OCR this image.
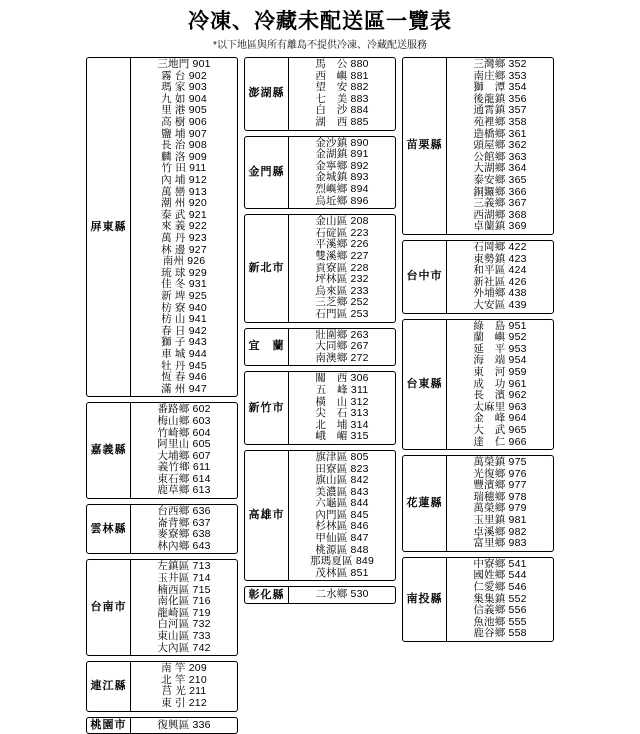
冷凍、冷藏未配送區一覽表
*以下地區與所有離島不提供冷凍、冷藏配送服務
屏東縣
三地門 901
霧 台 902
瑪 家 903
九 如 904
里 港 905
高 樹 906
鹽 埔 907
長 治 908
麟 洛 909
竹 田 911
內 埔 912
萬 巒 913
潮 州 920
泰 武 921
來 義 922
萬 丹 923
林 邊 927
南州 926
琉 球 929
佳 冬 931
新 埤 925
枋 寮 940
枋 山 941
春 日 942
獅 子 943
車 城 944
牡 丹 945
恆 春 946
滿 州 947
嘉義縣
番路鄉 602
梅山鄉 603
竹崎鄉 604
阿里山 605
大埔鄉 607
義竹鄉 611
東石鄉 614
鹿草鄉 613
雲林縣
台西鄉 636
崙背鄉 637
麥寮鄉 638
林內鄉 643
台南市
左鎮區 713
玉井區 714
楠西區 715
南化區 716
龍崎區 719
白河區 732
東山區 733
大內區 742
連江縣
南 竿 209
北 竿 210
莒 光 211
東 引 212
桃園市	復興區 336
澎湖縣
馬　公 880
西　嶼 881
望　安 882
七　美 883
白　沙 884
湖　西 885
金門縣
金沙鎮 890
金湖鎮 891
金寧鄉 892
金城鎮 893
烈嶼鄉 894
烏坵鄉 896
新北市
金山區 208
石碇區 223
平溪鄉 226
雙溪鄉 227
貢寮區 228
坪林區 232
烏來區 233
三芝鄉 252
石門區 253
宜　蘭
壯圍鄉 263
大同鄉 267
南澳鄉 272
新竹市
關　西 306
五　峰 311
橫　山 312
尖　石 313
北　埔 314
峨　嵋 315
高雄市
旗津區 805
田寮區 823
旗山區 842
美濃區 843
六龜區 844
內門區 845
杉林區 846
甲仙區 847
桃源區 848
那瑪夏區 849
茂林區 851
彰化縣	二水鄉 530
苗栗縣
三灣鄉 352
南庄鄉 353
獅　潭 354
後龍鎮 356
通霄鎮 357
苑裡鄉 358
造橋鄉 361
頭屋鄉 362
公館鄉 363
大湖鄉 364
泰安鄉 365
銅鑼鄉 366
三義鄉 367
西湖鄉 368
卓蘭鎮 369
台中市
石岡鄉 422
東勢鎮 423
和平區 424
新社區 426
外埔鄉 438
大安區 439
台東縣
綠　島 951
蘭　嶼 952
延　平 953
海　端 954
東　河 959
成　功 961
長　濱 962
太麻里 963
金　峰 964
大　武 965
達　仁 966
花蓮縣
萬榮鎮 975
光復鄉 976
豐濱鄉 977
瑞穗鄉 978
萬榮鄉 979
玉里鎮 981
卓溪鄉 982
富里鄉 983
南投縣
中寮鄉 541
國姓鄉 544
仁愛鄉 546
集集鎮 552
信義鄉 556
魚池鄉 555
鹿谷鄉 558
